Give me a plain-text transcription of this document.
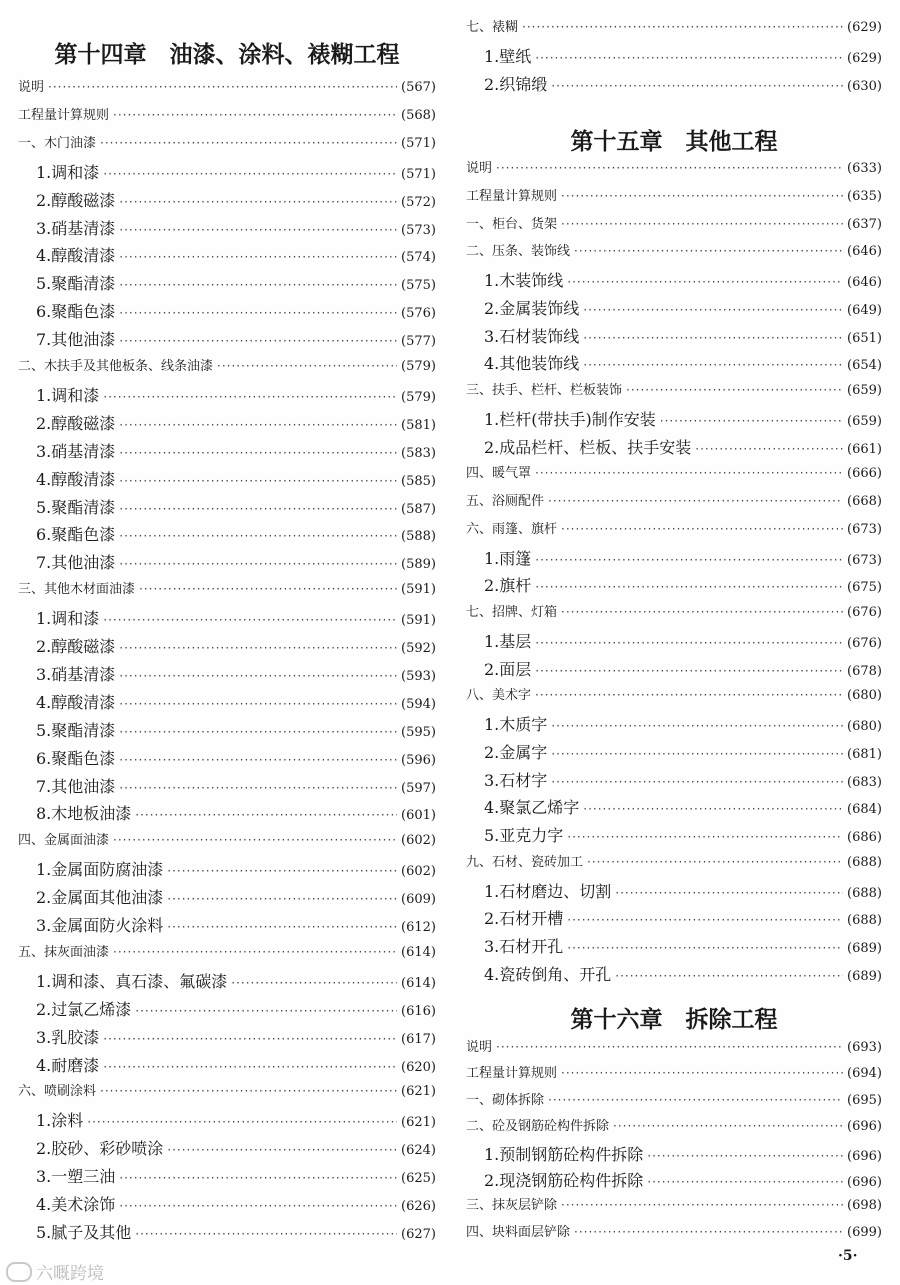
第十四章　油漆、涂料、裱糊工程
说明 ·····	(567)
工程量计算规则 ·····	(568)
一、木门油漆 ·····	(571)
1.调和漆 ·····	(571)
2.醇酸磁漆 ·····	(572)
3.硝基清漆 ·····	(573)
4.醇酸清漆 ·····	(574)
5.聚酯清漆 ·····	(575)
6.聚酯色漆 ·····	(576)
7.其他油漆 ·····	(577)
二、木扶手及其他板条、线条油漆 ·····	(579)
1.调和漆 ·····	(579)
2.醇酸磁漆 ·····	(581)
3.硝基清漆 ·····	(583)
4.醇酸清漆 ·····	(585)
5.聚酯清漆 ·····	(587)
6.聚酯色漆 ·····	(588)
7.其他油漆 ·····	(589)
三、其他木材面油漆 ·····	(591)
1.调和漆 ·····	(591)
2.醇酸磁漆 ·····	(592)
3.硝基清漆 ·····	(593)
4.醇酸清漆 ·····	(594)
5.聚酯清漆 ·····	(595)
6.聚酯色漆 ·····	(596)
7.其他油漆 ·····	(597)
8.木地板油漆 ·····	(601)
四、金属面油漆 ·····	(602)
1.金属面防腐油漆 ·····	(602)
2.金属面其他油漆 ·····	(609)
3.金属面防火涂料 ·····	(612)
五、抹灰面油漆 ·····	(614)
1.调和漆、真石漆、氟碳漆 ·····	(614)
2.过氯乙烯漆 ·····	(616)
3.乳胶漆 ·····	(617)
4.耐磨漆 ·····	(620)
六、喷刷涂料 ·····	(621)
1.涂料 ·····	(621)
2.胶砂、彩砂喷涂 ·····	(624)
3.一塑三油 ·····	(625)
4.美术涂饰 ·····	(626)
5.腻子及其他 ·····	(627)
第十五章　其他工程
第十六章　拆除工程
七、裱糊 ·····	(629)
1.壁纸 ·····	(629)
2.织锦缎 ·····	(630)
说明 ·····	(633)
工程量计算规则 ·····	(635)
一、柜台、货架 ·····	(637)
二、压条、装饰线 ·····	(646)
1.木装饰线 ·····	(646)
2.金属装饰线 ·····	(649)
3.石材装饰线 ·····	(651)
4.其他装饰线 ·····	(654)
三、扶手、栏杆、栏板装饰 ·····	(659)
1.栏杆(带扶手)制作安装 ·····	(659)
2.成品栏杆、栏板、扶手安装 ·····	(661)
四、暖气罩 ·····	(666)
五、浴厕配件 ·····	(668)
六、雨篷、旗杆 ·····	(673)
1.雨篷 ·····	(673)
2.旗杆 ·····	(675)
七、招牌、灯箱 ·····	(676)
1.基层 ·····	(676)
2.面层 ·····	(678)
八、美术字 ·····	(680)
1.木质字 ·····	(680)
2.金属字 ·····	(681)
3.石材字 ·····	(683)
4.聚氯乙烯字 ·····	(684)
5.亚克力字 ·····	(686)
九、石材、瓷砖加工 ·····	(688)
1.石材磨边、切割 ·····	(688)
2.石材开槽 ·····	(688)
3.石材开孔 ·····	(689)
4.瓷砖倒角、开孔 ·····	(689)
说明 ·····	(693)
工程量计算规则 ·····	(694)
一、砌体拆除 ·····	(695)
二、砼及钢筋砼构件拆除 ·····	(696)
1.预制钢筋砼构件拆除 ·····	(696)
2.现浇钢筋砼构件拆除 ·····	(696)
三、抹灰层铲除 ·····	(698)
四、块料面层铲除 ·····	(699)
·5·
六嘅跨境
